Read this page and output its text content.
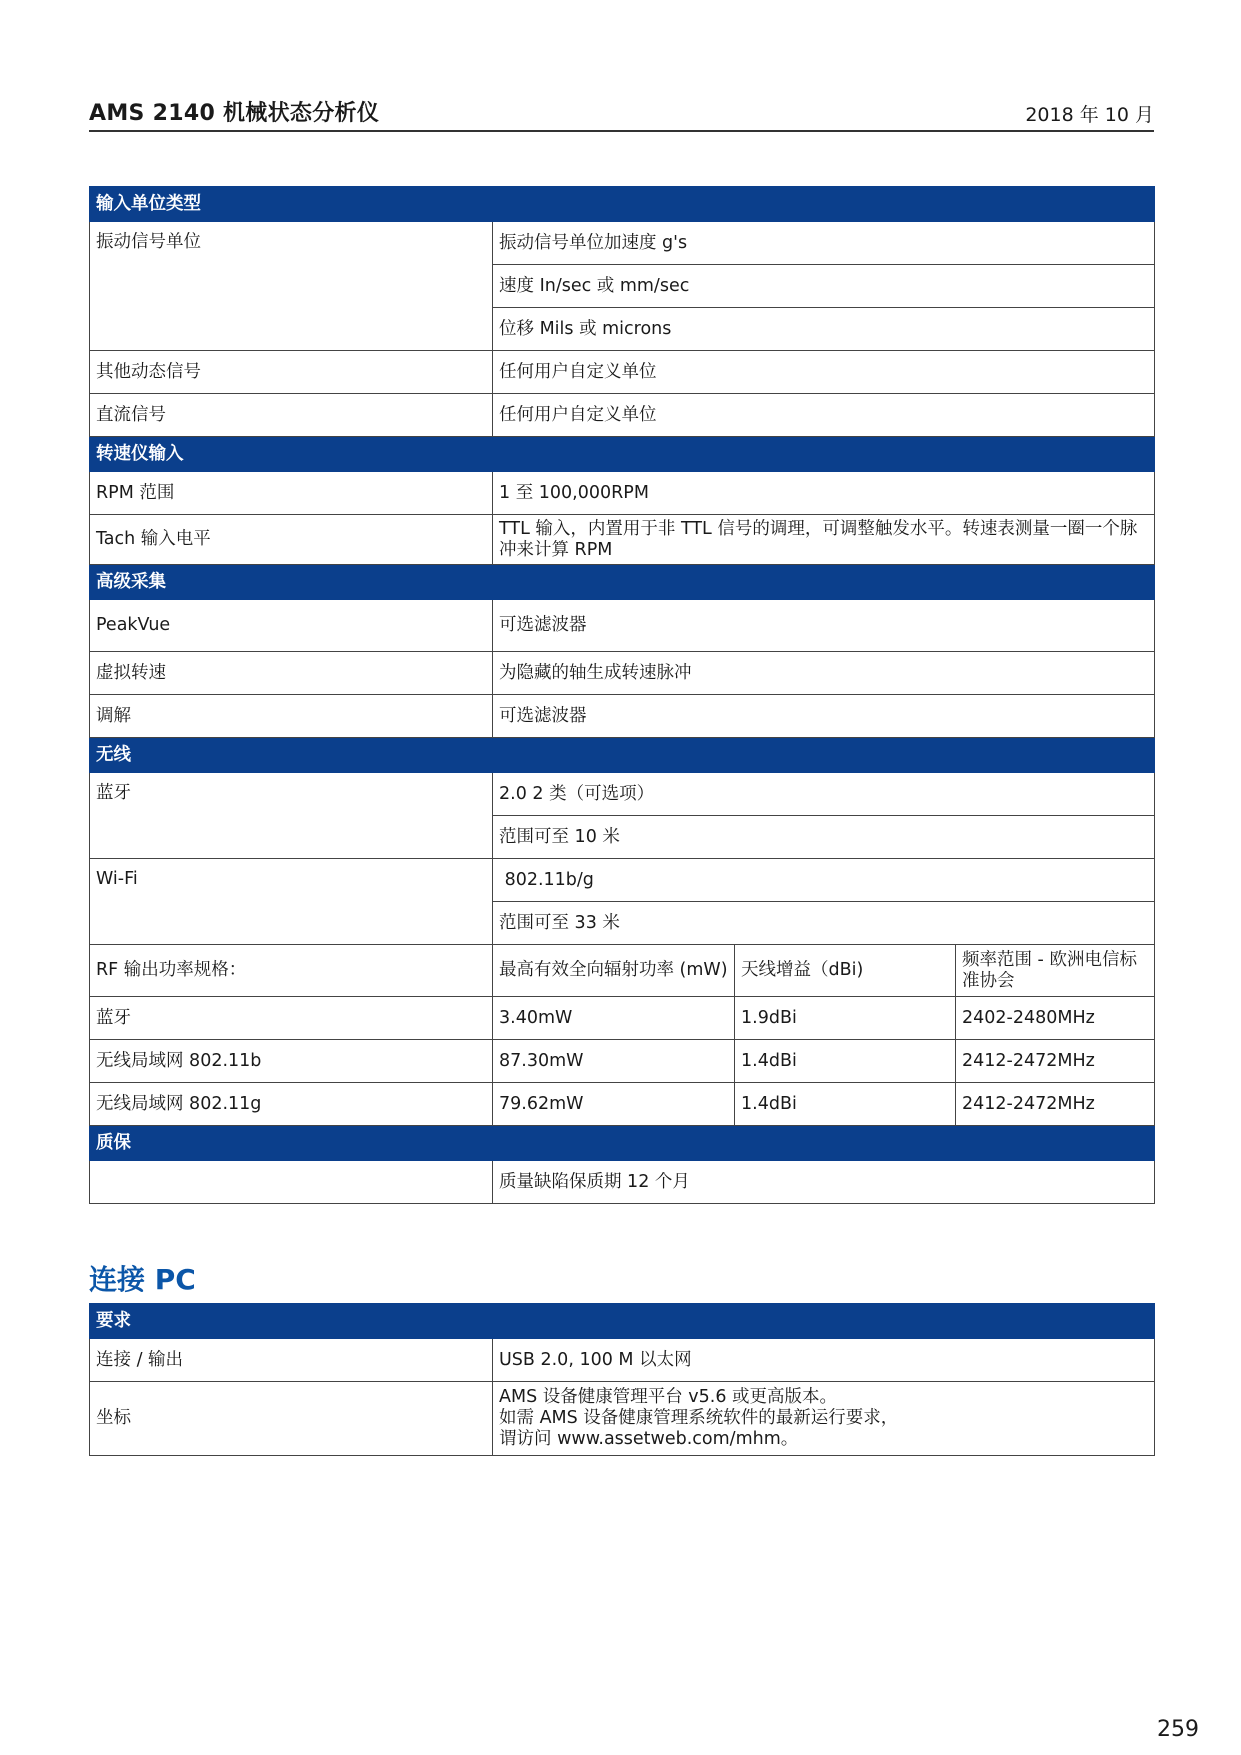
AMS 2140 机械状态分析仪	2018 年 10 月
输入单位类型			
振动信号单位	振动信号单位加速度 g's		
	速度 In/sec 或 mm/sec		
	位移 Mils 或 microns		
其他动态信号	任何用户自定义单位		
直流信号	任何用户自定义单位		
转速仪输入			
RPM 范围	1 至 100,000RPM		
Tach 输入电平	TTL 输入，内置用于非 TTL 信号的调理，可调整触发水平。转速表测量一圈一个脉冲来计算 RPM		
高级采集			
PeakVue	可选滤波器		
虚拟转速	为隐藏的轴生成转速脉冲		
调解	可选滤波器		
无线			
蓝牙	2.0 2 类（可选项）		
	范围可至 10 米		
Wi-Fi	802.11b/g		
	范围可至 33 米		
RF 输出功率规格：	最高有效全向辐射功率 (mW)	天线增益（dBi)	频率范围 - 欧洲电信标准协会
蓝牙	3.40mW	1.9dBi	2402-2480MHz
无线局域网 802.11b	87.30mW	1.4dBi	2412-2472MHz
无线局域网 802.11g	79.62mW	1.4dBi	2412-2472MHz
质保			
	质量缺陷保质期 12 个月		
连接 PC
要求	
连接 / 输出	USB 2.0, 100 M 以太网
坐标	AMS 设备健康管理平台 v5.6 或更高版本。
如需 AMS 设备健康管理系统软件的最新运行要求，
谓访问 www.assetweb.com/mhm。
259
